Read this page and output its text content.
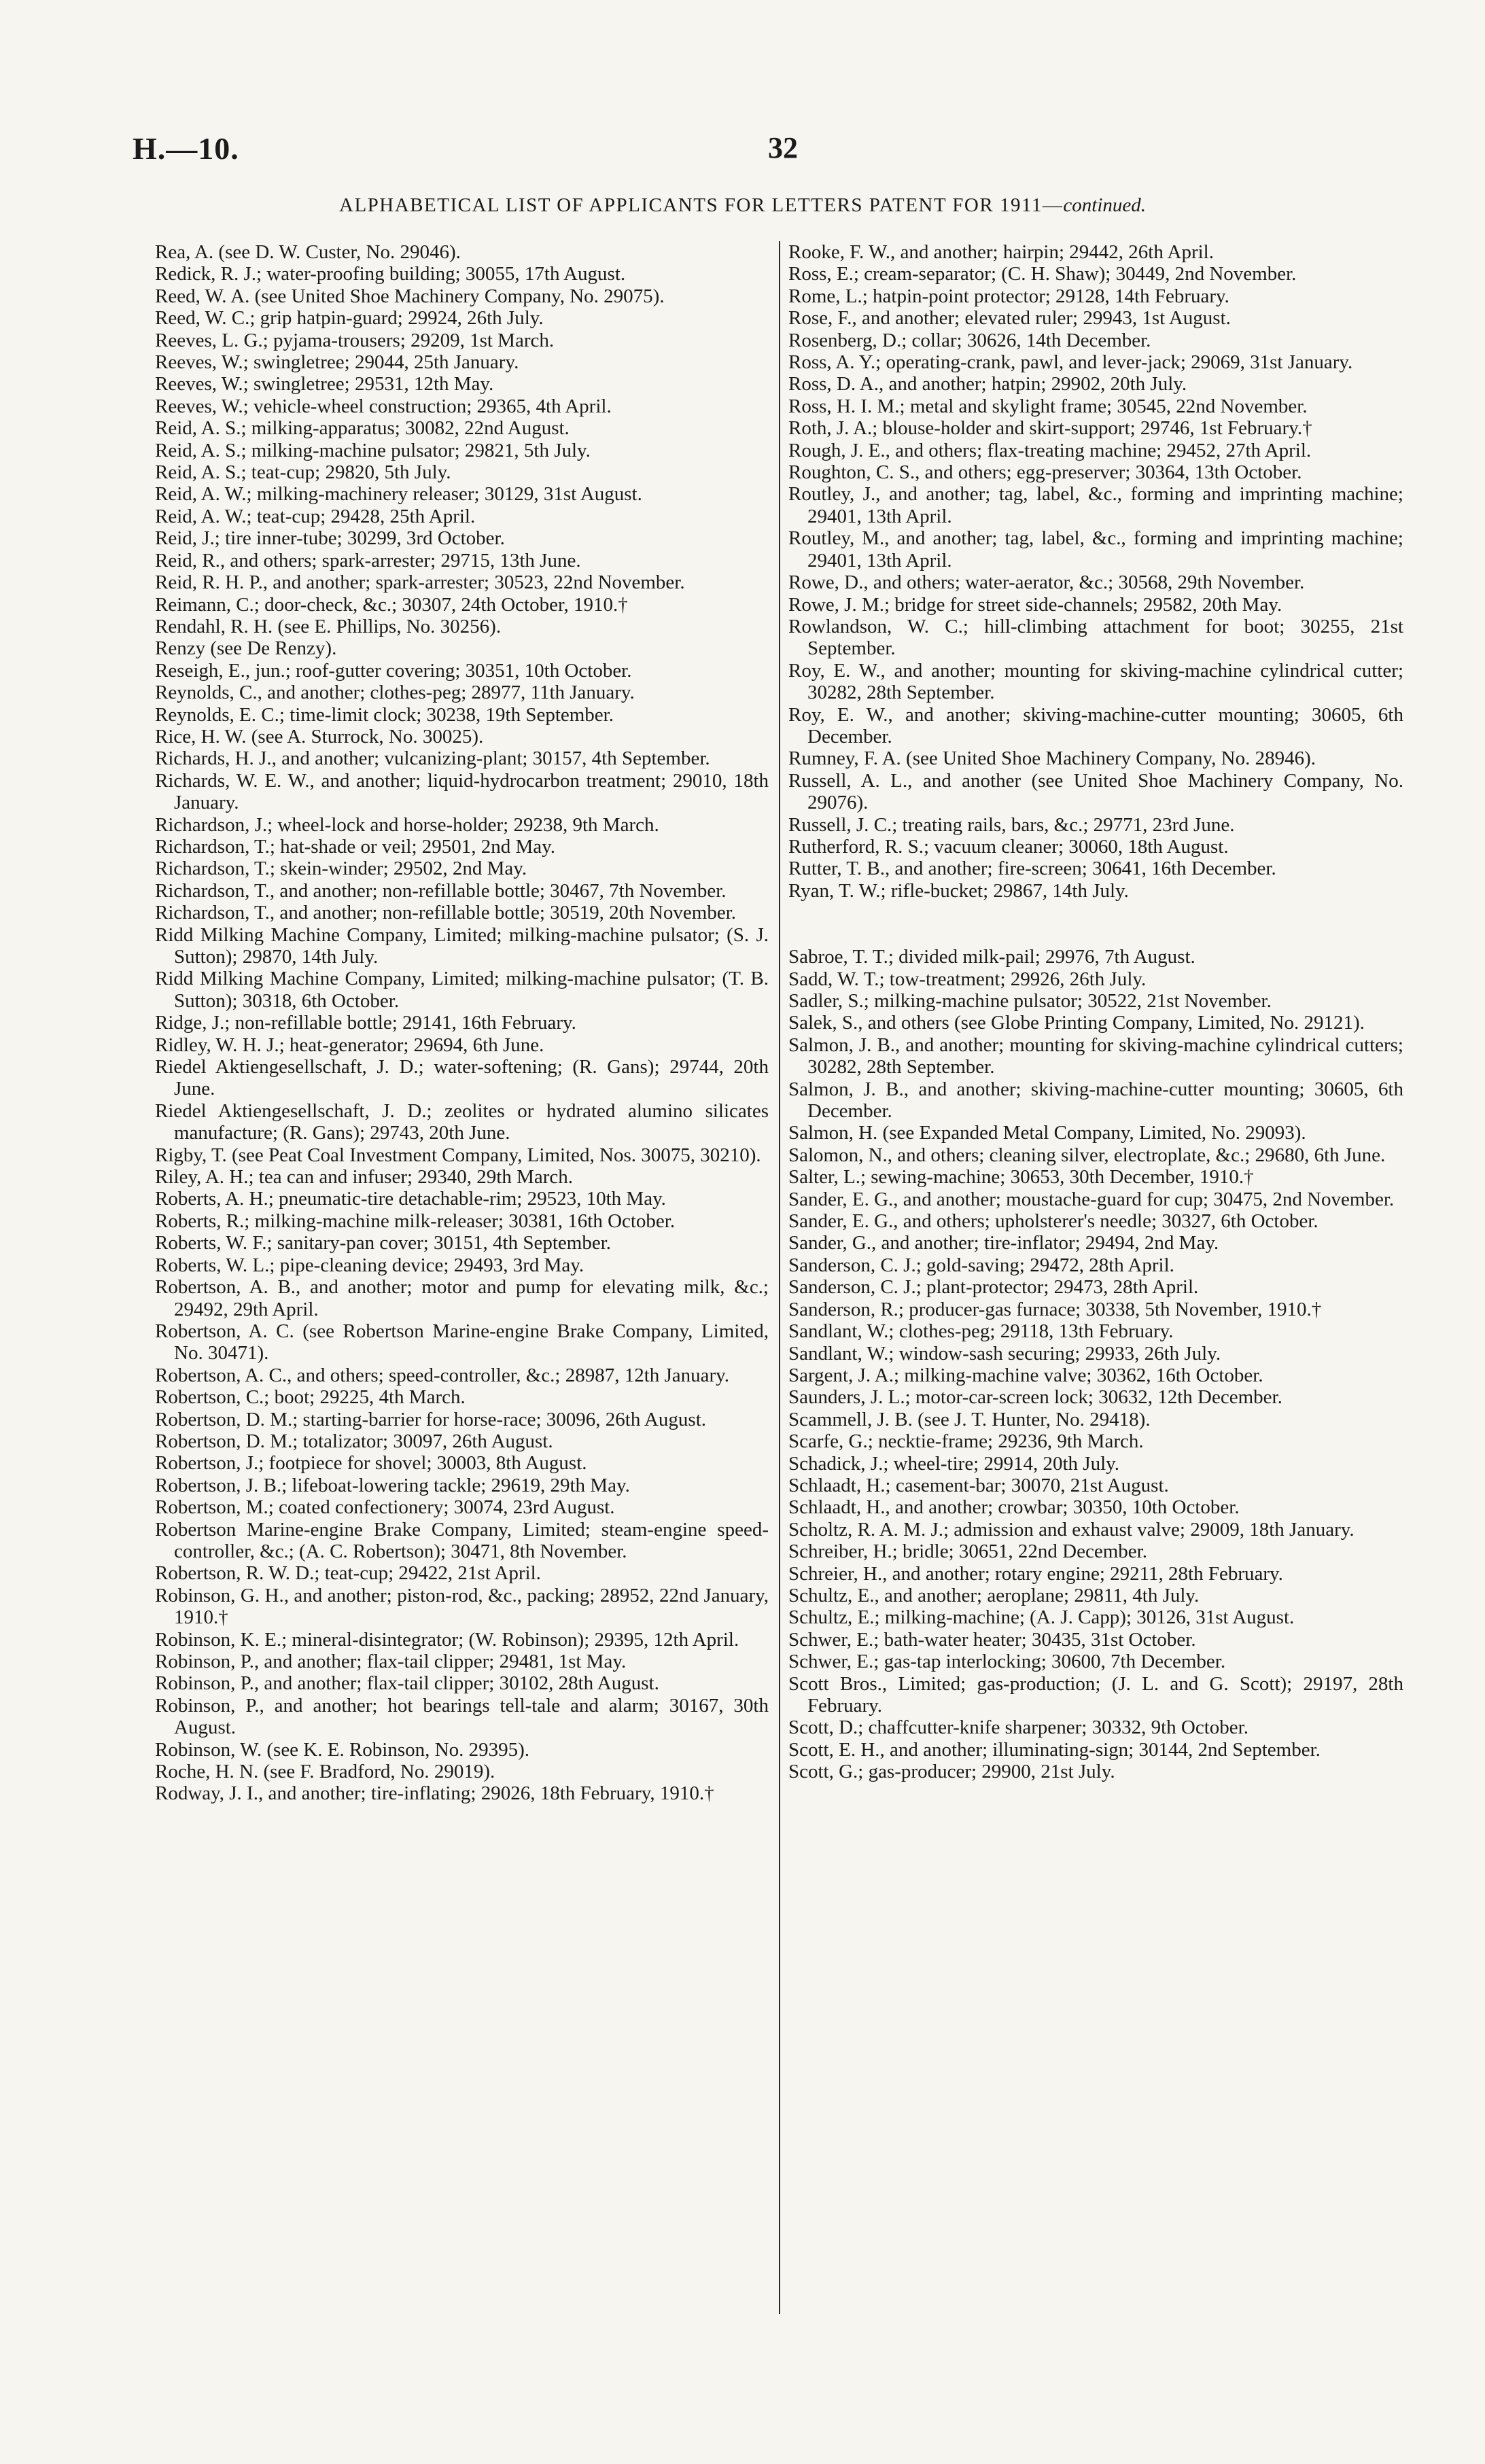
H.—10.	32
ALPHABETICAL LIST OF APPLICANTS FOR LETTERS PATENT FOR 1911—continued.

Rea, A. (see D. W. Custer, No. 29046).

Redick, R. J.; water-proofing building; 30055, 17th August.

Reed, W. A. (see United Shoe Machinery Company, No. 29075).

Reed, W. C.; grip hatpin-guard; 29924, 26th July.

Reeves, L. G.; pyjama-trousers; 29209, 1st March.

Reeves, W.; swingletree; 29044, 25th January.

Reeves, W.; swingletree; 29531, 12th May.

Reeves, W.; vehicle-wheel construction; 29365, 4th April.

Reid, A. S.; milking-apparatus; 30082, 22nd August.

Reid, A. S.; milking-machine pulsator; 29821, 5th July.

Reid, A. S.; teat-cup; 29820, 5th July.

Reid, A. W.; milking-machinery releaser; 30129, 31st August.

Reid, A. W.; teat-cup; 29428, 25th April.

Reid, J.; tire inner-tube; 30299, 3rd October.

Reid, R., and others; spark-arrester; 29715, 13th June.

Reid, R. H. P., and another; spark-arrester; 30523, 22nd November.

Reimann, C.; door-check, &c.; 30307, 24th October, 1910.†

Rendahl, R. H. (see E. Phillips, No. 30256).

Renzy (see De Renzy).

Reseigh, E., jun.; roof-gutter covering; 30351, 10th October.

Reynolds, C., and another; clothes-peg; 28977, 11th January.

Reynolds, E. C.; time-limit clock; 30238, 19th September.

Rice, H. W. (see A. Sturrock, No. 30025).

Richards, H. J., and another; vulcanizing-plant; 30157, 4th September.

Richards, W. E. W., and another; liquid-hydrocarbon treatment; 29010, 18th January.

Richardson, J.; wheel-lock and horse-holder; 29238, 9th March.

Richardson, T.; hat-shade or veil; 29501, 2nd May.

Richardson, T.; skein-winder; 29502, 2nd May.

Richardson, T., and another; non-refillable bottle; 30467, 7th November.

Richardson, T., and another; non-refillable bottle; 30519, 20th November.

Ridd Milking Machine Company, Limited; milking-machine pulsator; (S. J. Sutton); 29870, 14th July.

Ridd Milking Machine Company, Limited; milking-machine pulsator; (T. B. Sutton); 30318, 6th October.

Ridge, J.; non-refillable bottle; 29141, 16th February.

Ridley, W. H. J.; heat-generator; 29694, 6th June.

Riedel Aktiengesellschaft, J. D.; water-softening; (R. Gans); 29744, 20th June.

Riedel Aktiengesellschaft, J. D.; zeolites or hydrated alumino silicates manufacture; (R. Gans); 29743, 20th June.

Rigby, T. (see Peat Coal Investment Company, Limited, Nos. 30075, 30210).

Riley, A. H.; tea can and infuser; 29340, 29th March.

Roberts, A. H.; pneumatic-tire detachable-rim; 29523, 10th May.

Roberts, R.; milking-machine milk-releaser; 30381, 16th October.

Roberts, W. F.; sanitary-pan cover; 30151, 4th September.

Roberts, W. L.; pipe-cleaning device; 29493, 3rd May.

Robertson, A. B., and another; motor and pump for elevating milk, &c.; 29492, 29th April.

Robertson, A. C. (see Robertson Marine-engine Brake Company, Limited, No. 30471).

Robertson, A. C., and others; speed-controller, &c.; 28987, 12th January.

Robertson, C.; boot; 29225, 4th March.

Robertson, D. M.; starting-barrier for horse-race; 30096, 26th August.

Robertson, D. M.; totalizator; 30097, 26th August.

Robertson, J.; footpiece for shovel; 30003, 8th August.

Robertson, J. B.; lifeboat-lowering tackle; 29619, 29th May.

Robertson, M.; coated confectionery; 30074, 23rd August.

Robertson Marine-engine Brake Company, Limited; steam-engine speed-controller, &c.; (A. C. Robertson); 30471, 8th November.

Robertson, R. W. D.; teat-cup; 29422, 21st April.

Robinson, G. H., and another; piston-rod, &c., packing; 28952, 22nd January, 1910.†

Robinson, K. E.; mineral-disintegrator; (W. Robinson); 29395, 12th April.

Robinson, P., and another; flax-tail clipper; 29481, 1st May.

Robinson, P., and another; flax-tail clipper; 30102, 28th August.

Robinson, P., and another; hot bearings tell-tale and alarm; 30167, 30th August.

Robinson, W. (see K. E. Robinson, No. 29395).

Roche, H. N. (see F. Bradford, No. 29019).

Rodway, J. I., and another; tire-inflating; 29026, 18th February, 1910.†

Rooke, F. W., and another; hairpin; 29442, 26th April.

Ross, E.; cream-separator; (C. H. Shaw); 30449, 2nd November.

Rome, L.; hatpin-point protector; 29128, 14th February.

Rose, F., and another; elevated ruler; 29943, 1st August.

Rosenberg, D.; collar; 30626, 14th December.

Ross, A. Y.; operating-crank, pawl, and lever-jack; 29069, 31st January.

Ross, D. A., and another; hatpin; 29902, 20th July.

Ross, H. I. M.; metal and skylight frame; 30545, 22nd November.

Roth, J. A.; blouse-holder and skirt-support; 29746, 1st February.†

Rough, J. E., and others; flax-treating machine; 29452, 27th April.

Roughton, C. S., and others; egg-preserver; 30364, 13th October.

Routley, J., and another; tag, label, &c., forming and imprinting machine; 29401, 13th April.

Routley, M., and another; tag, label, &c., forming and imprinting machine; 29401, 13th April.

Rowe, D., and others; water-aerator, &c.; 30568, 29th November.

Rowe, J. M.; bridge for street side-channels; 29582, 20th May.

Rowlandson, W. C.; hill-climbing attachment for boot; 30255, 21st September.

Roy, E. W., and another; mounting for skiving-machine cylindrical cutter; 30282, 28th September.

Roy, E. W., and another; skiving-machine-cutter mounting; 30605, 6th December.

Rumney, F. A. (see United Shoe Machinery Company, No. 28946).

Russell, A. L., and another (see United Shoe Machinery Company, No. 29076).

Russell, J. C.; treating rails, bars, &c.; 29771, 23rd June.

Rutherford, R. S.; vacuum cleaner; 30060, 18th August.

Rutter, T. B., and another; fire-screen; 30641, 16th December.

Ryan, T. W.; rifle-bucket; 29867, 14th July.

Sabroe, T. T.; divided milk-pail; 29976, 7th August.

Sadd, W. T.; tow-treatment; 29926, 26th July.

Sadler, S.; milking-machine pulsator; 30522, 21st November.

Salek, S., and others (see Globe Printing Company, Limited, No. 29121).

Salmon, J. B., and another; mounting for skiving-machine cylindrical cutters; 30282, 28th September.

Salmon, J. B., and another; skiving-machine-cutter mounting; 30605, 6th December.

Salmon, H. (see Expanded Metal Company, Limited, No. 29093).

Salomon, N., and others; cleaning silver, electroplate, &c.; 29680, 6th June.

Salter, L.; sewing-machine; 30653, 30th December, 1910.†

Sander, E. G., and another; moustache-guard for cup; 30475, 2nd November.

Sander, E. G., and others; upholsterer's needle; 30327, 6th October.

Sander, G., and another; tire-inflator; 29494, 2nd May.

Sanderson, C. J.; gold-saving; 29472, 28th April.

Sanderson, C. J.; plant-protector; 29473, 28th April.

Sanderson, R.; producer-gas furnace; 30338, 5th November, 1910.†

Sandlant, W.; clothes-peg; 29118, 13th February.

Sandlant, W.; window-sash securing; 29933, 26th July.

Sargent, J. A.; milking-machine valve; 30362, 16th October.

Saunders, J. L.; motor-car-screen lock; 30632, 12th December.

Scammell, J. B. (see J. T. Hunter, No. 29418).

Scarfe, G.; necktie-frame; 29236, 9th March.

Schadick, J.; wheel-tire; 29914, 20th July.

Schlaadt, H.; casement-bar; 30070, 21st August.

Schlaadt, H., and another; crowbar; 30350, 10th October.

Scholtz, R. A. M. J.; admission and exhaust valve; 29009, 18th January.

Schreiber, H.; bridle; 30651, 22nd December.

Schreier, H., and another; rotary engine; 29211, 28th February.

Schultz, E., and another; aeroplane; 29811, 4th July.

Schultz, E.; milking-machine; (A. J. Capp); 30126, 31st August.

Schwer, E.; bath-water heater; 30435, 31st October.

Schwer, E.; gas-tap interlocking; 30600, 7th December.

Scott Bros., Limited; gas-production; (J. L. and G. Scott); 29197, 28th February.

Scott, D.; chaffcutter-knife sharpener; 30332, 9th October.

Scott, E. H., and another; illuminating-sign; 30144, 2nd September.

Scott, G.; gas-producer; 29900, 21st July.
